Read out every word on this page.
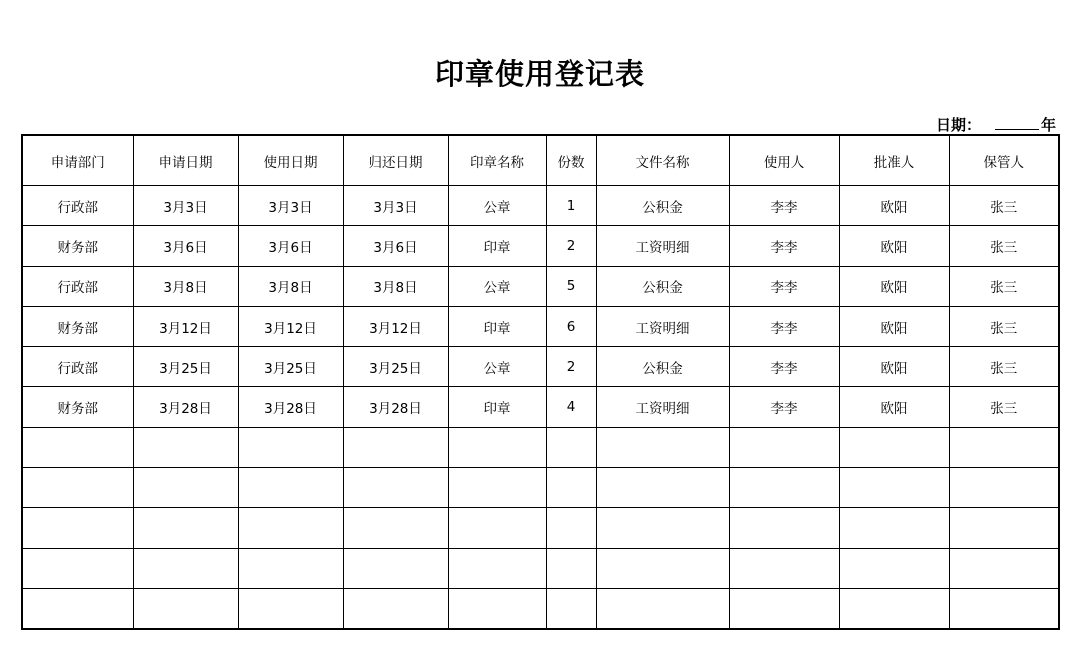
印章使用登记表
日期：	年
申请部门	申请日期	使用日期	归还日期	印章名称	份数	文件名称	使用人	批准人	保管人
行政部	3月3日	3月3日	3月3日	公章	1	公积金	李李	欧阳	张三
财务部	3月6日	3月6日	3月6日	印章	2	工资明细	李李	欧阳	张三
行政部	3月8日	3月8日	3月8日	公章	5	公积金	李李	欧阳	张三
财务部	3月12日	3月12日	3月12日	印章	6	工资明细	李李	欧阳	张三
行政部	3月25日	3月25日	3月25日	公章	2	公积金	李李	欧阳	张三
财务部	3月28日	3月28日	3月28日	印章	4	工资明细	李李	欧阳	张三
